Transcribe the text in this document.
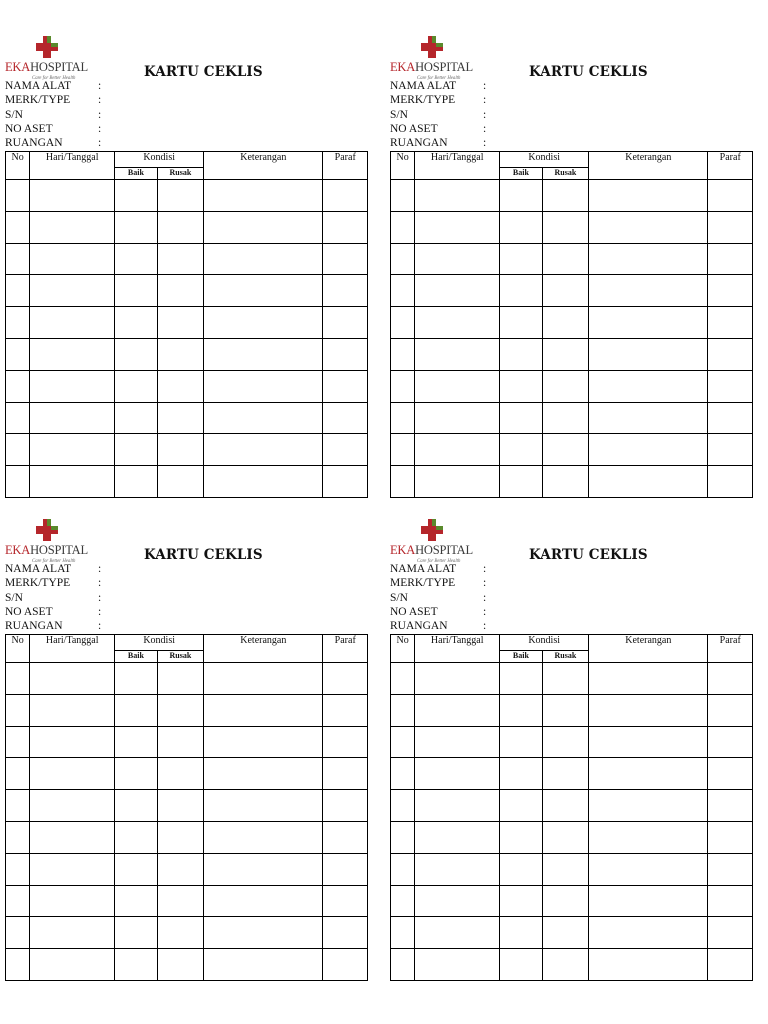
EKAHOSPITAL
Care for Better Health	KARTU CEKLIS
NAMA ALAT :
MERK/TYPE :
S/N	:
NO ASET	:
RUANGAN	:
No	Hari/Tanggal	Kondisi		Keterangan	Paraf
		Baik	Rusak		

EKAHOSPITAL
Care for Better Health	KARTU CEKLIS
NAMA ALAT :
MERK/TYPE :
S/N	:
NO ASET	:
RUANGAN	:
No	Hari/Tanggal	Kondisi		Keterangan	Paraf
		Baik	Rusak		

EKAHOSPITAL
Care for Better Health	KARTU CEKLIS
NAMA ALAT :
MERK/TYPE :
S/N	:
NO ASET	:
RUANGAN	:
No	Hari/Tanggal	Kondisi		Keterangan	Paraf
		Baik	Rusak		

EKAHOSPITAL
Care for Better Health	KARTU CEKLIS
NAMA ALAT :
MERK/TYPE :
S/N	:
NO ASET	:
RUANGAN	:
No	Hari/Tanggal	Kondisi		Keterangan	Paraf
		Baik	Rusak		
